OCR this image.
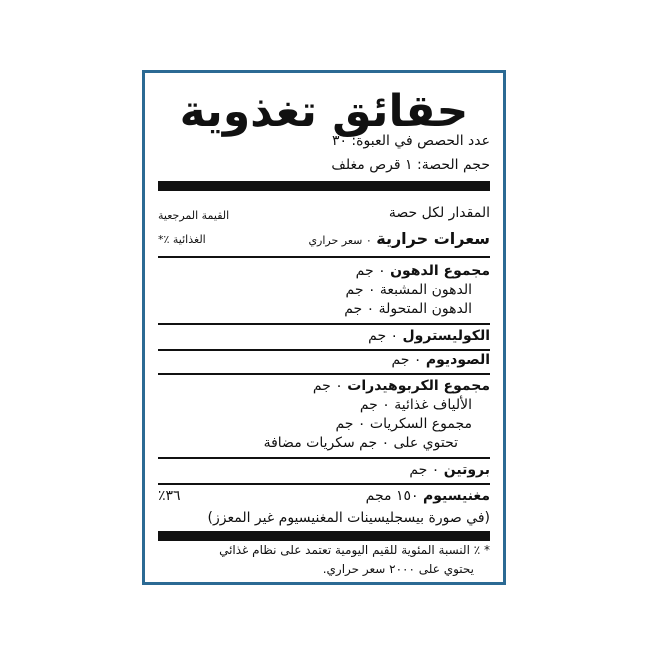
حقائق تغذوية
عدد الحصص في العبوة: ٣٠
حجم الحصة: ١ قرص مغلف
المقدار لكل حصة
القيمة المرجعية
سعرات حرارية ٠ سعر حراري
الغذائية ٪*
مجموع الدهون ٠ جم
الدهون المشبعة ٠ جم
الدهون المتحولة ٠ جم
الكوليسترول ٠ جم
الصوديوم ٠ جم
مجموع الكربوهيدرات ٠ جم
الألياف غذائية ٠ جم
مجموع السكريات ٠ جم
تحتوي على ٠ جم سكريات مضافة
بروتين ٠ جم
مغنيسيوم ١٥٠ مجم
٣٦٪
(في صورة بيسجليسينات المغنيسيوم غير المعزز)
* ٪ النسبة المئوية للقيم اليومية تعتمد على نظام غذائي
يحتوي على ٢٠٠٠ سعر حراري.
